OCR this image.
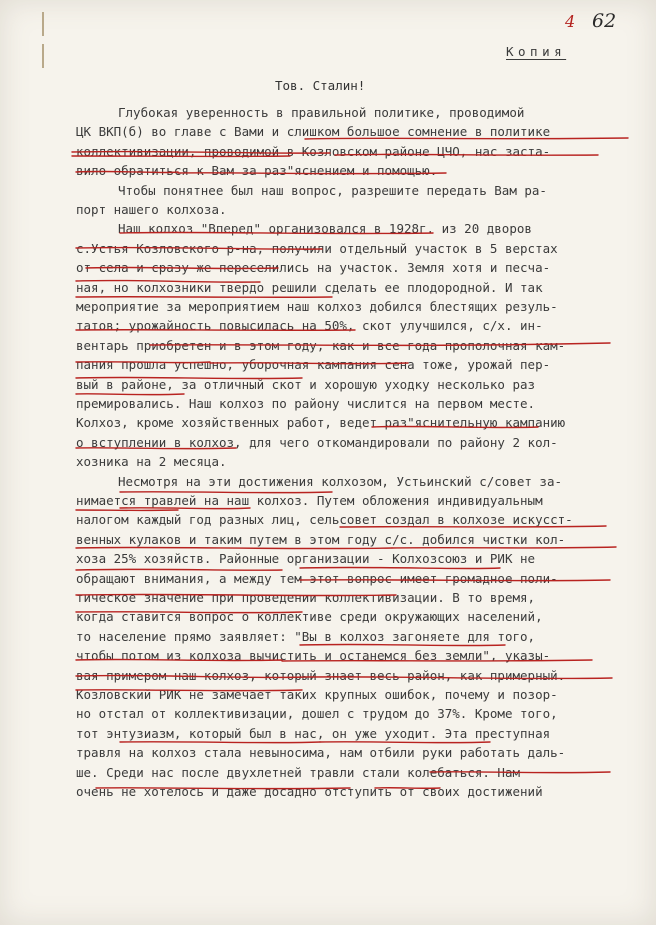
4 62
Копия
Тов. Сталин!
Глубокая уверенность в правильной политике, проводимой
ЦК ВКП(б) во главе с Вами и слишком большое сомнение в политике
коллективизации, проводимой в Козловском районе ЦЧО, нас заста-
вило обратиться к Вам за раз"яснением и помощью.
Чтобы понятнее был наш вопрос, разрешите передать Вам ра-
порт нашего колхоза.
Наш колхоз "Вперед" организовался в 1928г. из 20 дворов
с.Устья Козловского р-на, получили отдельный участок в 5 верстах
от села и сразу же переселились на участок. Земля хотя и песча-
ная, но колхозники твердо решили сделать ее плодородной. И так
мероприятие за мероприятием наш колхоз добился блестящих резуль-
татов; урожайность повысилась на 50%, скот улучшился, с/х. ин-
вентарь приобретен и в этом году, как и все года прополочная кам-
пания прошла успешно, уборочная кампания сена тоже, урожай пер-
вый в районе, за отличный скот и хорошую уходку несколько раз
премировались. Наш колхоз по району числится на первом месте.
Колхоз, кроме хозяйственных работ, ведет раз"яснительную кампанию
о вступлении в колхоз, для чего откомандировали по району 2 кол-
хозника на 2 месяца.
Несмотря на эти достижения колхозом, Устьинский с/совет за-
нимается травлей на наш колхоз. Путем обложения индивидуальным
налогом каждый год разных лиц, сельсовет создал в колхозе искусст-
венных кулаков и таким путем в этом году с/с. добился чистки кол-
хоза 25% хозяйств. Районные организации - Колхозсоюз и РИК не
обращают внимания, а между тем этот вопрос имеет громадное поли-
тическое значение при проведении коллективизации. В то время,
когда ставится вопрос о коллективе среди окружающих населений,
то население прямо заявляет: "Вы в колхоз загоняете для того,
чтобы потом из колхоза вычистить и останемся без земли", указы-
вая примером наш колхоз, который знает весь район, как примерный.
Козловский РИК не замечает таких крупных ошибок, почему и позор-
но отстал от коллективизации, дошел с трудом до 37%. Кроме того,
тот энтузиазм, который был в нас, он уже уходит. Эта преступная
травля на колхоз стала невыносима, нам отбили руки работать даль-
ше. Среди нас после двухлетней травли стали колебаться. Нам
очень не хотелось и даже досадно отступить от своих достижений
